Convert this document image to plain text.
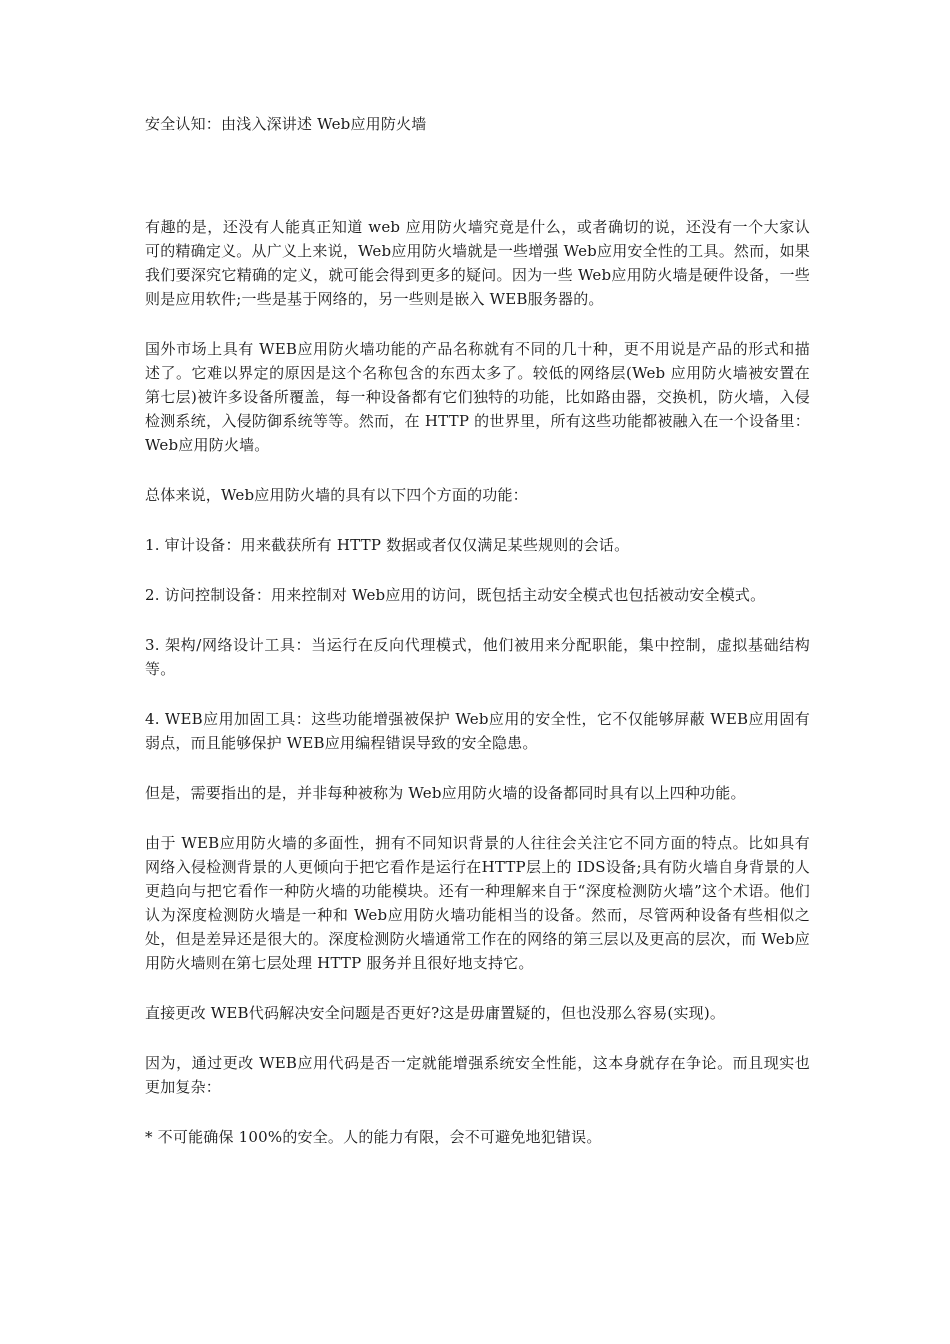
安全认知：由浅入深讲述 Web应用防火墙

有趣的是，还没有人能真正知道 web 应用防火墙究竟是什么，或者确切的说，还没有一个大家认可的精确定义。从广义上来说，Web应用防火墙就是一些增强 Web应用安全性的工具。然而，如果我们要深究它精确的定义，就可能会得到更多的疑问。因为一些 Web应用防火墙是硬件设备，一些则是应用软件;一些是基于网络的，另一些则是嵌入 WEB服务器的。

国外市场上具有 WEB应用防火墙功能的产品名称就有不同的几十种，更不用说是产品的形式和描述了。它难以界定的原因是这个名称包含的东西太多了。较低的网络层(Web 应用防火墙被安置在第七层)被许多设备所覆盖，每一种设备都有它们独特的功能，比如路由器，交换机，防火墙，入侵检测系统，入侵防御系统等等。然而，在 HTTP 的世界里，所有这些功能都被融入在一个设备里：Web应用防火墙。

总体来说，Web应用防火墙的具有以下四个方面的功能：

1. 审计设备：用来截获所有 HTTP 数据或者仅仅满足某些规则的会话。

2. 访问控制设备：用来控制对 Web应用的访问，既包括主动安全模式也包括被动安全模式。

3. 架构/网络设计工具：当运行在反向代理模式，他们被用来分配职能，集中控制，虚拟基础结构等。

4. WEB应用加固工具：这些功能增强被保护 Web应用的安全性，它不仅能够屏蔽 WEB应用固有弱点，而且能够保护 WEB应用编程错误导致的安全隐患。

但是，需要指出的是，并非每种被称为 Web应用防火墙的设备都同时具有以上四种功能。

由于 WEB应用防火墙的多面性，拥有不同知识背景的人往往会关注它不同方面的特点。比如具有网络入侵检测背景的人更倾向于把它看作是运行在HTTP层上的 IDS设备;具有防火墙自身背景的人更趋向与把它看作一种防火墙的功能模块。还有一种理解来自于“深度检测防火墙”这个术语。他们认为深度检测防火墙是一种和 Web应用防火墙功能相当的设备。然而，尽管两种设备有些相似之处，但是差异还是很大的。深度检测防火墙通常工作在的网络的第三层以及更高的层次，而 Web应用防火墙则在第七层处理 HTTP 服务并且很好地支持它。

直接更改 WEB代码解决安全问题是否更好?这是毋庸置疑的，但也没那么容易(实现)。

因为，通过更改 WEB应用代码是否一定就能增强系统安全性能，这本身就存在争论。而且现实也更加复杂：

* 不可能确保 100%的安全。人的能力有限，会不可避免地犯错误。
